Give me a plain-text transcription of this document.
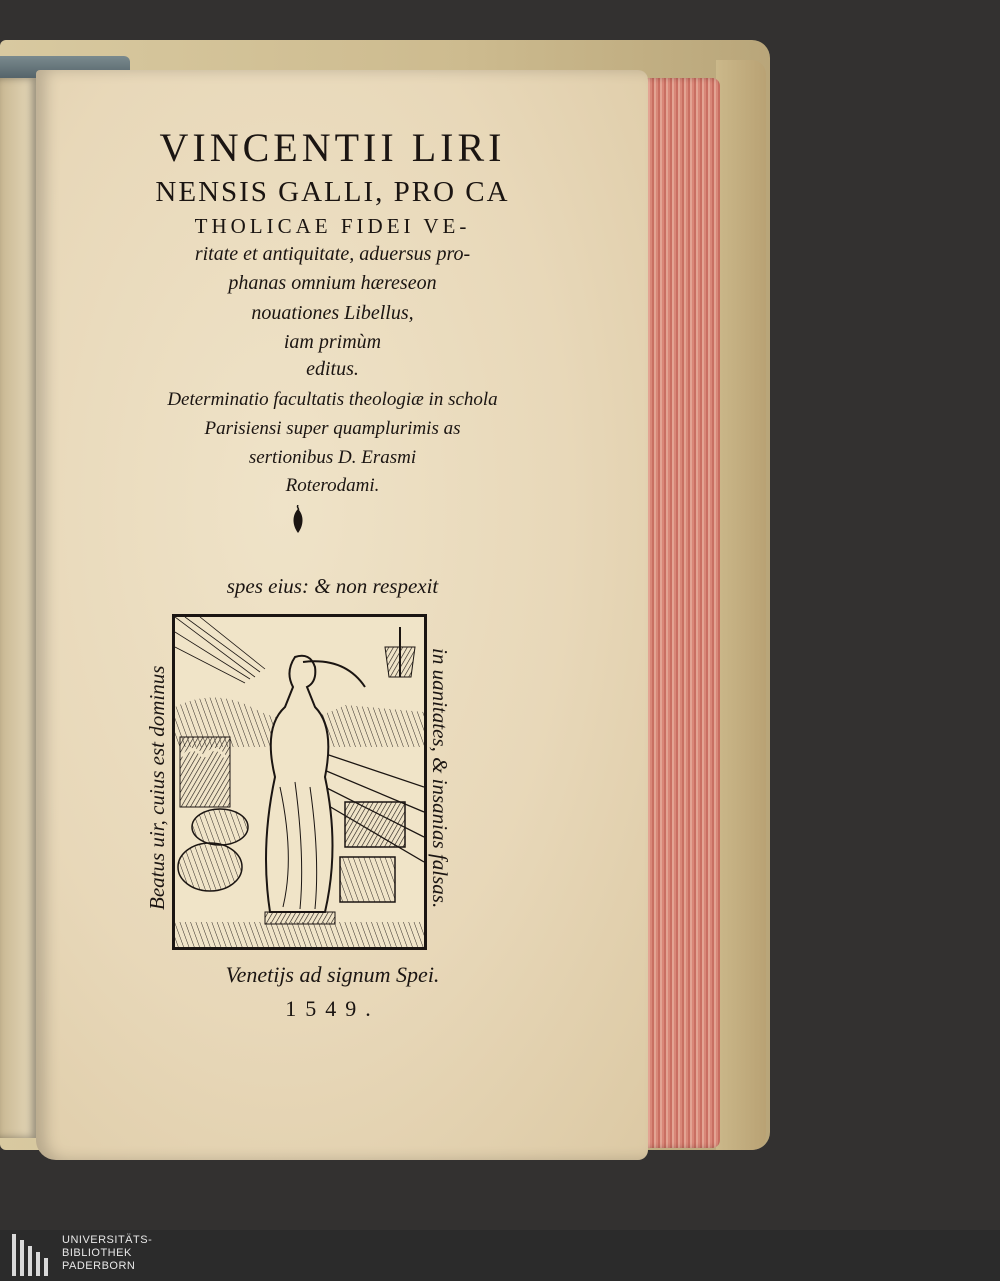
VINCENTII LIRI
NENSIS GALLI, PRO CA
THOLICAE FIDEI VE-
ritate et antiquitate, aduersus pro-
phanas omnium hæreseon
nouationes Libellus,
iam primùm
editus.
Determinatio facultatis theologiæ in schola
Parisiensi super quamplurimis as
sertionibus D. Erasmi
Roterodami.
spes eius: & non respexit
Beatus uir, cuius est dominus	in uanitates, & insanias falsas.
Venetijs ad signum Spei.
1549.
UNIVERSITÄTS-
BIBLIOTHEK
PADERBORN
